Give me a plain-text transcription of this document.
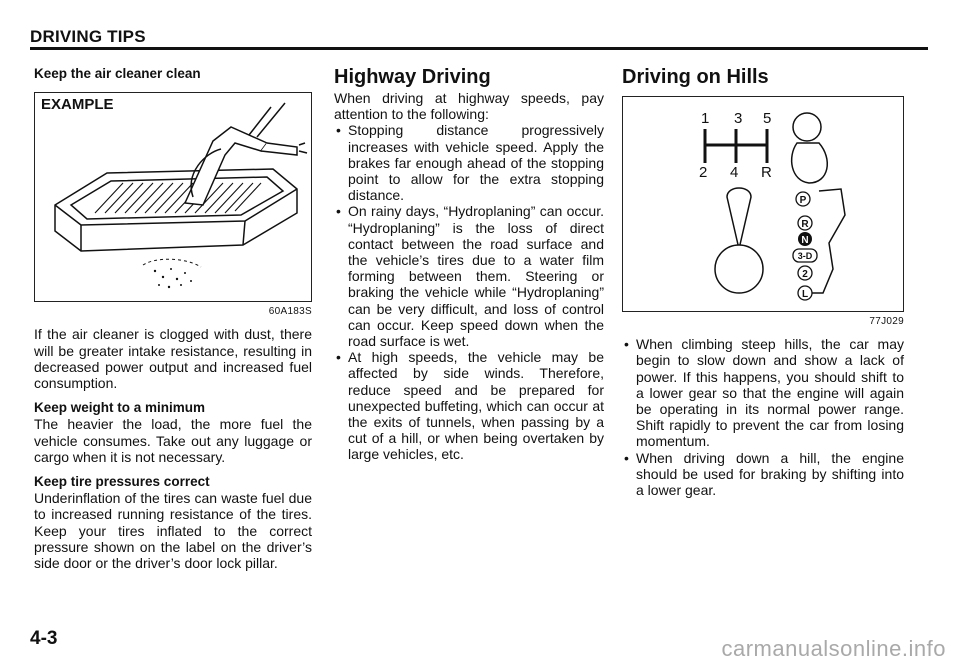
DRIVING TIPS
Keep the air cleaner clean
EXAMPLE
60A183S

If the air cleaner is clogged with dust, there will be greater intake resistance, resulting in decreased power output and increased fuel consumption.

Keep weight to a minimum

The heavier the load, the more fuel the vehicle consumes. Take out any luggage or cargo when it is not necessary.

Keep tire pressures correct

Underinflation of the tires can waste fuel due to increased running resistance of the tires. Keep your tires inflated to the correct pressure shown on the label on the driver’s side door or the driver’s door lock pillar.

Highway Driving

When driving at highway speeds, pay attention to the following:

• Stopping distance progressively increases with vehicle speed. Apply the brakes far enough ahead of the stopping point to allow for the extra stopping distance.
• On rainy days, “Hydroplaning” can occur. “Hydroplaning” is the loss of direct contact between the road surface and the vehicle’s tires due to a water film forming between them. Steering or braking the vehicle while “Hydroplaning” can be very difficult, and loss of control can occur. Keep speed down when the road surface is wet.
• At high speeds, the vehicle may be affected by side winds. Therefore, reduce speed and be prepared for unexpected buffeting, which can occur at the exits of tunnels, when passing by a cut of a hill, or when being overtaken by large vehicles, etc.
Driving on Hills
1 3 5
2 4 R
P
R
N
3-D
2
L
77J029
• When climbing steep hills, the car may begin to slow down and show a lack of power. If this happens, you should shift to a lower gear so that the engine will again be operating in its normal power range. Shift rapidly to prevent the car from losing momentum.
• When driving down a hill, the engine should be used for braking by shifting into a lower gear.
4-3	carmanualsonline.info
